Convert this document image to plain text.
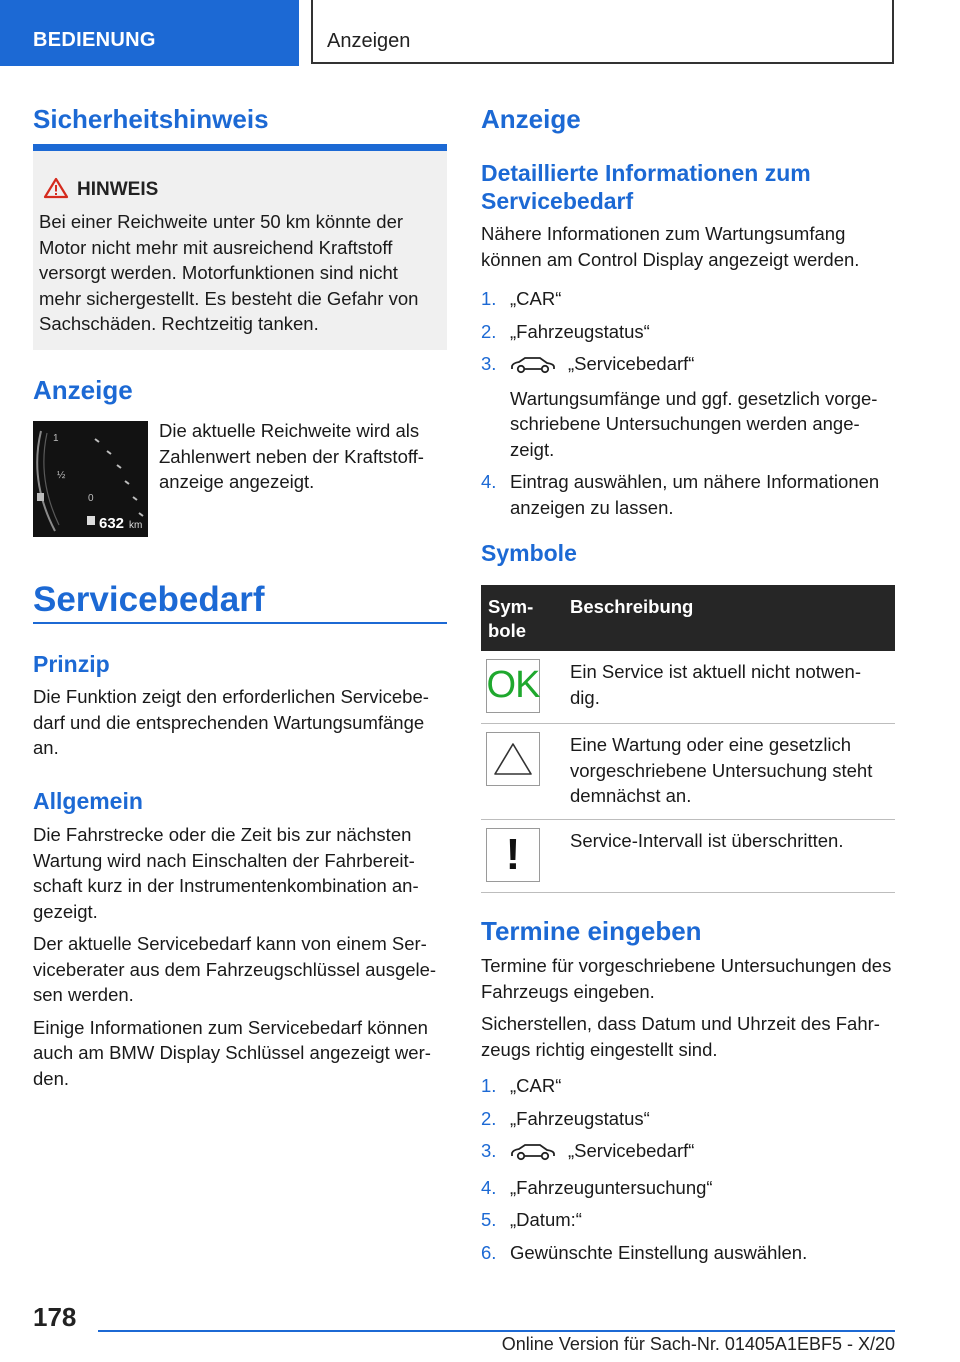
BEDIENUNG	Anzeigen
Sicherheitshinweis
HINWEIS
Bei einer Reichweite unter 50 km könnte der Motor nicht mehr mit ausreichend Kraftstoff versorgt werden. Motorfunktionen sind nicht mehr sichergestellt. Es besteht die Gefahr von Sachschäden. Rechtzeitig tanken.
Anzeige
1
½
0
632 km
Die aktuelle Reichweite wird als Zahlenwert neben der Kraftstoff-anzeige angezeigt.
Servicebedarf
Prinzip
Die Funktion zeigt den erforderlichen Servicebe-darf und die entsprechenden Wartungsumfänge an.
Allgemein
Die Fahrstrecke oder die Zeit bis zur nächsten Wartung wird nach Einschalten der Fahrbereit-schaft kurz in der Instrumentenkombination an-gezeigt.
Der aktuelle Servicebedarf kann von einem Ser-viceberater aus dem Fahrzeugschlüssel ausgele-sen werden.
Einige Informationen zum Servicebedarf können auch am BMW Display Schlüssel angezeigt wer-den.
Anzeige
Detaillierte Informationen zum Servicebedarf
Nähere Informationen zum Wartungsumfang können am Control Display angezeigt werden.
1. „CAR“
2. „Fahrzeugstatus“
3.	„Servicebedarf“
Wartungsumfänge und ggf. gesetzlich vorge-schriebene Untersuchungen werden ange-zeigt.
4. Eintrag auswählen, um nähere Informationen anzeigen zu lassen.
Symbole
Sym-bole	Beschreibung

OK	Ein Service ist aktuell nicht notwen-dig.

	Eine Wartung oder eine gesetzlich vorgeschriebene Untersuchung steht demnächst an.

!	Service-Intervall ist überschritten.
Termine eingeben
Termine für vorgeschriebene Untersuchungen des Fahrzeugs eingeben.
Sicherstellen, dass Datum und Uhrzeit des Fahr-zeugs richtig eingestellt sind.
1. „CAR“
2. „Fahrzeugstatus“
3.	„Servicebedarf“
4. „Fahrzeuguntersuchung“
5. „Datum:“
6. Gewünschte Einstellung auswählen.
178
Online Version für Sach-Nr. 01405A1EBF5 - X/20
